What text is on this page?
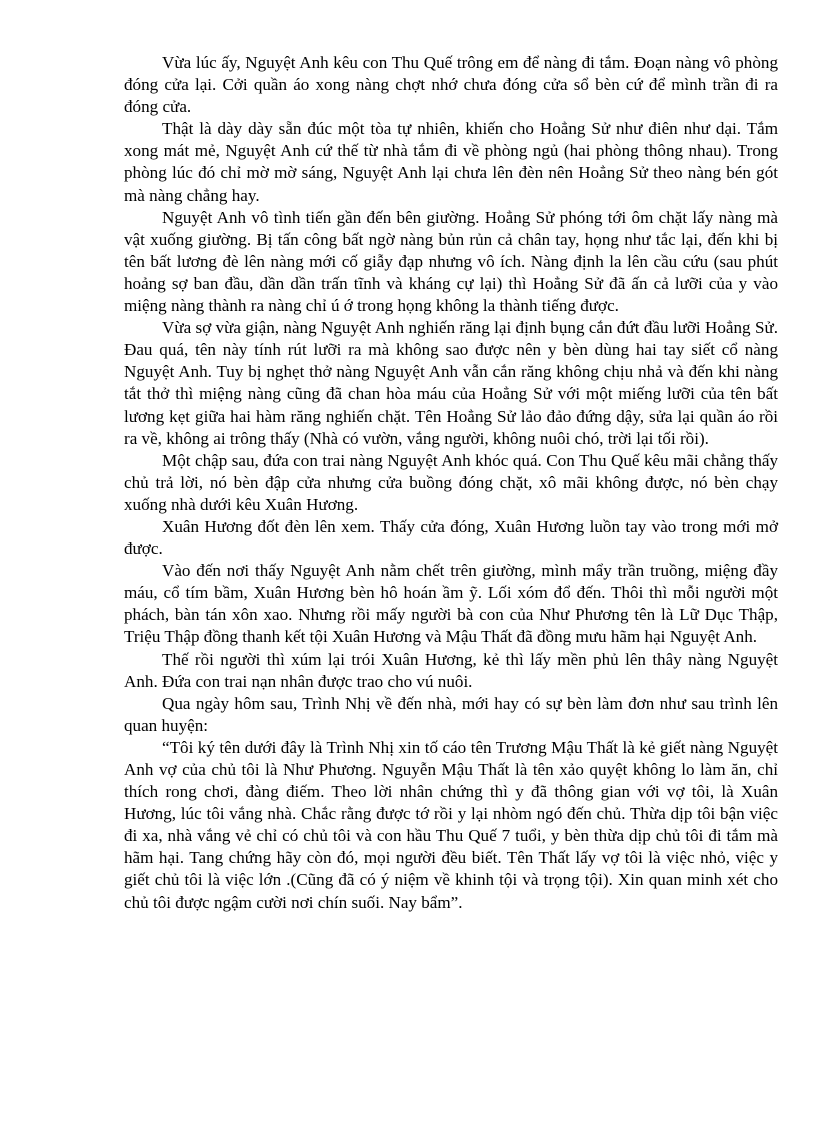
Vừa lúc ấy, Nguyệt Anh kêu con Thu Quế trông em để nàng đi tắm. Đoạn nàng vô phòng đóng cửa lại. Cởi quần áo xong nàng chợt nhớ chưa đóng cửa sổ bèn cứ để mình trần đi ra đóng cửa.

Thật là dày dày sẵn đúc một tòa tự nhiên, khiến cho Hoẳng Sử như điên như dại. Tắm xong mát mẻ, Nguyệt Anh cứ thế từ nhà tắm đi về phòng ngủ (hai phòng thông nhau). Trong phòng lúc đó chỉ mờ mờ sáng, Nguyệt Anh lại chưa lên đèn nên Hoẳng Sử theo nàng bén gót mà nàng chẳng hay.

Nguyệt Anh vô tình tiến gần đến bên giường. Hoẳng Sử phóng tới ôm chặt lấy nàng mà vật xuống giường. Bị tấn công bất ngờ nàng bủn rủn cả chân tay, họng như tắc lại, đến khi bị tên bất lương đè lên nàng mới cố giẫy đạp nhưng vô ích. Nàng định la lên cầu cứu (sau phút hoảng sợ ban đầu, dần dần trấn tĩnh và kháng cự lại) thì Hoẳng Sử đã ấn cả lưỡi của y vào miệng nàng thành ra nàng chỉ ú ớ trong họng không la thành tiếng được.

Vừa sợ vừa giận, nàng Nguyệt Anh nghiến răng lại định bụng cắn đứt đầu lưỡi Hoẳng Sử. Đau quá, tên này tính rút lưỡi ra mà không sao được nên y bèn dùng hai tay siết cổ nàng Nguyệt Anh. Tuy bị nghẹt thở nàng Nguyệt Anh vẫn cắn răng không chịu nhả và đến khi nàng tắt thở thì miệng nàng cũng đã chan hòa máu của Hoẳng Sử với một miếng lưỡi của tên bất lương kẹt giữa hai hàm răng nghiến chặt. Tên Hoẳng Sử lảo đảo đứng dậy, sửa lại quần áo rồi ra về, không ai trông thấy (Nhà có vườn, vắng người, không nuôi chó, trời lại tối rồi).

Một chập sau, đứa con trai nàng Nguyệt Anh khóc quá. Con Thu Quế kêu mãi chẳng thấy chủ trả lời, nó bèn đập cửa nhưng cửa buồng đóng chặt, xô mãi không được, nó bèn chạy xuống nhà dưới kêu Xuân Hương.

Xuân Hương đốt đèn lên xem. Thấy cửa đóng, Xuân Hương luồn tay vào trong mới mở được.

Vào đến nơi thấy Nguyệt Anh nằm chết trên giường, mình mẩy trần truồng, miệng đầy máu, cổ tím bầm, Xuân Hương bèn hô hoán ầm ỹ. Lối xóm đổ đến. Thôi thì mỗi người một phách, bàn tán xôn xao. Nhưng rồi mấy người bà con của Như Phương tên là Lữ Dục Thập, Triệu Thập đồng thanh kết tội Xuân Hương và Mậu Thất đã đồng mưu hãm hại Nguyệt Anh.

Thế rồi người thì xúm lại trói Xuân Hương, kẻ thì lấy mền phủ lên thây nàng Nguyệt Anh. Đứa con trai nạn nhân được trao cho vú nuôi.

Qua ngày hôm sau, Trình Nhị về đến nhà, mới hay có sự bèn làm đơn như sau trình lên quan huyện:

“Tôi ký tên dưới đây là Trình Nhị xin tố cáo tên Trương Mậu Thất là kẻ giết nàng Nguyệt Anh vợ của chủ tôi là Như Phương. Nguyễn Mậu Thất là tên xảo quyệt không lo làm ăn, chỉ thích rong chơi, đàng điếm. Theo lời nhân chứng thì y đã thông gian với vợ tôi, là Xuân Hương, lúc tôi vắng nhà. Chắc rằng được tớ rồi y lại nhòm ngó đến chủ. Thừa dịp tôi bận việc đi xa, nhà vắng vẻ chỉ có chủ tôi và con hầu Thu Quế 7 tuổi, y bèn thừa dịp chủ tôi đi tắm mà hãm hại. Tang chứng hãy còn đó, mọi người đều biết. Tên Thất lấy vợ tôi là việc nhỏ, việc y giết chủ tôi là việc lớn .(Cũng đã có ý niệm về khinh tội và trọng tội). Xin quan minh xét cho chủ tôi được ngậm cười nơi chín suối. Nay bẩm”.
